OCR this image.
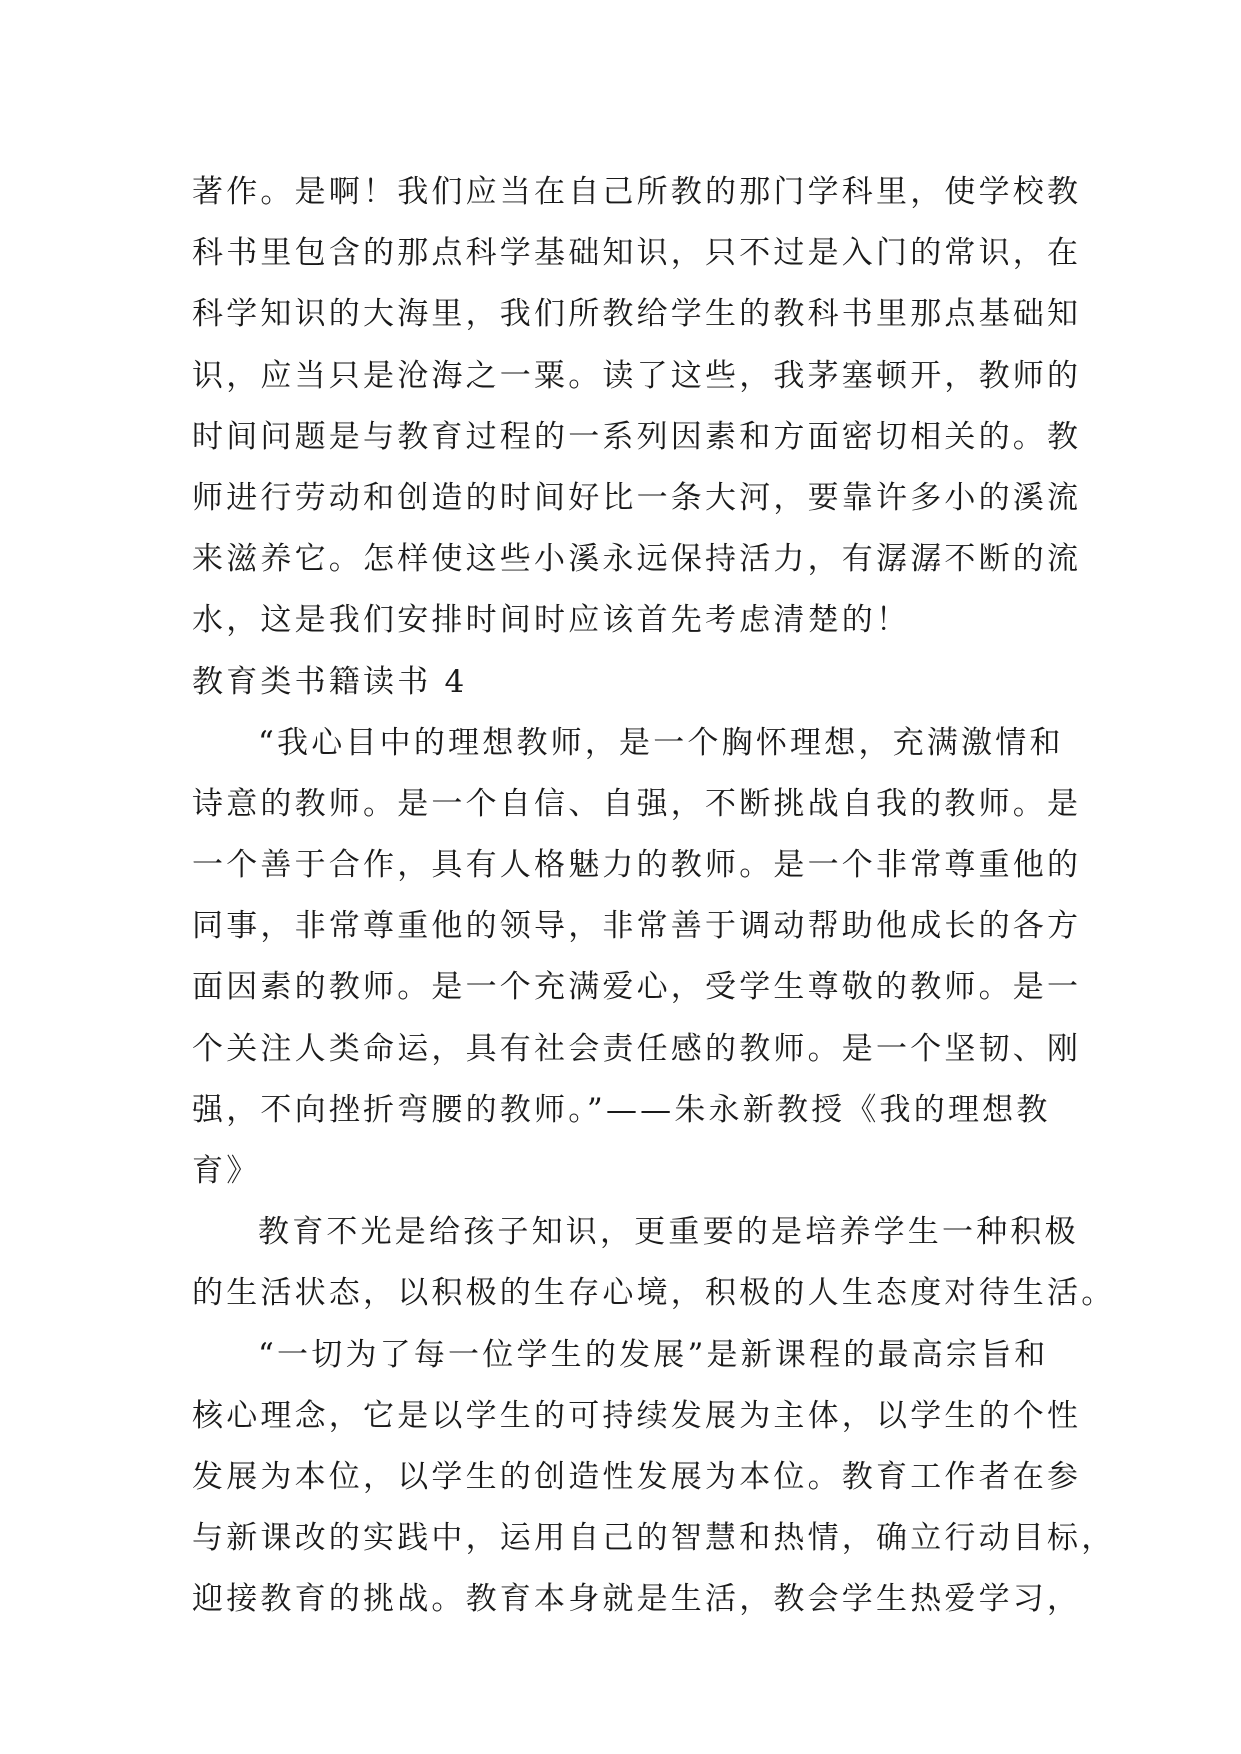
著作。是啊！我们应当在自己所教的那门学科里，使学校教
科书里包含的那点科学基础知识，只不过是入门的常识，在
科学知识的大海里，我们所教给学生的教科书里那点基础知
识，应当只是沧海之一粟。读了这些，我茅塞顿开，教师的
时间问题是与教育过程的一系列因素和方面密切相关的。教
师进行劳动和创造的时间好比一条大河，要靠许多小的溪流
来滋养它。怎样使这些小溪永远保持活力，有潺潺不断的流
水，这是我们安排时间时应该首先考虑清楚的！
教育类书籍读书 4
“我心目中的理想教师，是一个胸怀理想，充满激情和
诗意的教师。是一个自信、自强，不断挑战自我的教师。是
一个善于合作，具有人格魅力的教师。是一个非常尊重他的
同事，非常尊重他的领导，非常善于调动帮助他成长的各方
面因素的教师。是一个充满爱心，受学生尊敬的教师。是一
个关注人类命运，具有社会责任感的教师。是一个坚韧、刚
强，不向挫折弯腰的教师。”——朱永新教授《我的理想教
育》
教育不光是给孩子知识，更重要的是培养学生一种积极
的生活状态，以积极的生存心境，积极的人生态度对待生活。
“一切为了每一位学生的发展”是新课程的最高宗旨和
核心理念，它是以学生的可持续发展为主体，以学生的个性
发展为本位，以学生的创造性发展为本位。教育工作者在参
与新课改的实践中，运用自己的智慧和热情，确立行动目标，
迎接教育的挑战。教育本身就是生活，教会学生热爱学习，
